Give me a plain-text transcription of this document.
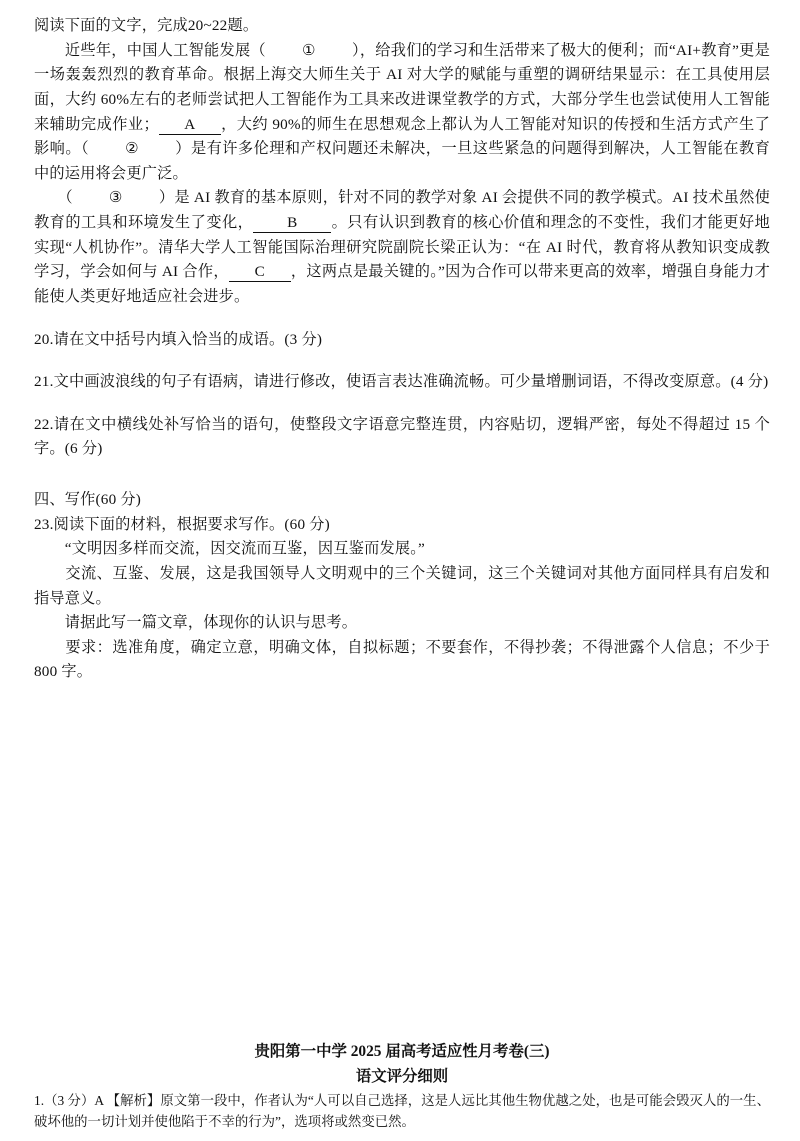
阅读下面的文字，完成20~22题。

　　近些年，中国人工智能发展（ ① ），给我们的学习和生活带来了极大的便利；而“AI+教育”更是一场轰轰烈烈的教育革命。根据上海交大师生关于 AI 对大学的赋能与重塑的调研结果显示：在工具使用层面，大约 60%左右的老师尝试把人工智能作为工具来改进课堂教学的方式，大部分学生也尝试使用人工智能来辅助完成作业； A ，大约 90%的师生在思想观念上都认为人工智能对知识的传授和生活方式产生了影响。（ ② ）是有许多伦理和产权问题还未解决，一旦这些紧急的问题得到解决，人工智能在教育中的运用将会更广泛。

　　（ ③ ）是 AI 教育的基本原则，针对不同的教学对象 AI 会提供不同的教学模式。AI 技术虽然使教育的工具和环境发生了变化， B 。只有认识到教育的核心价值和理念的不变性，我们才能更好地实现“人机协作”。清华大学人工智能国际治理研究院副院长梁正认为：“在 AI 时代，教育将从教知识变成教学习，学会如何与 AI 合作， C ，这两点是最关键的。”因为合作可以带来更高的效率，增强自身能力才能使人类更好地适应社会进步。

20.请在文中括号内填入恰当的成语。(3 分)

21.文中画波浪线的句子有语病，请进行修改，使语言表达准确流畅。可少量增删词语，不得改变原意。(4 分)

22.请在文中横线处补写恰当的语句，使整段文字语意完整连贯，内容贴切，逻辑严密，每处不得超过 15 个字。(6 分)

四、写作(60 分)

23.阅读下面的材料，根据要求写作。(60 分)

　　“文明因多样而交流，因交流而互鉴，因互鉴而发展。”

　　交流、互鉴、发展，这是我国领导人文明观中的三个关键词，这三个关键词对其他方面同样具有启发和指导意义。

　　请据此写一篇文章，体现你的认识与思考。

　　要求：选准角度，确定立意，明确文体，自拟标题；不要套作，不得抄袭；不得泄露个人信息；不少于 800 字。

贵阳第一中学 2025 届高考适应性月考卷(三)
语文评分细则
1.（3 分）A 【解析】原文第一段中，作者认为“人可以自己选择，这是人远比其他生物优越之处，也是可能会毁灭人的一生、破坏他的一切计划并使他陷于不幸的行为”，选项将或然变已然。
